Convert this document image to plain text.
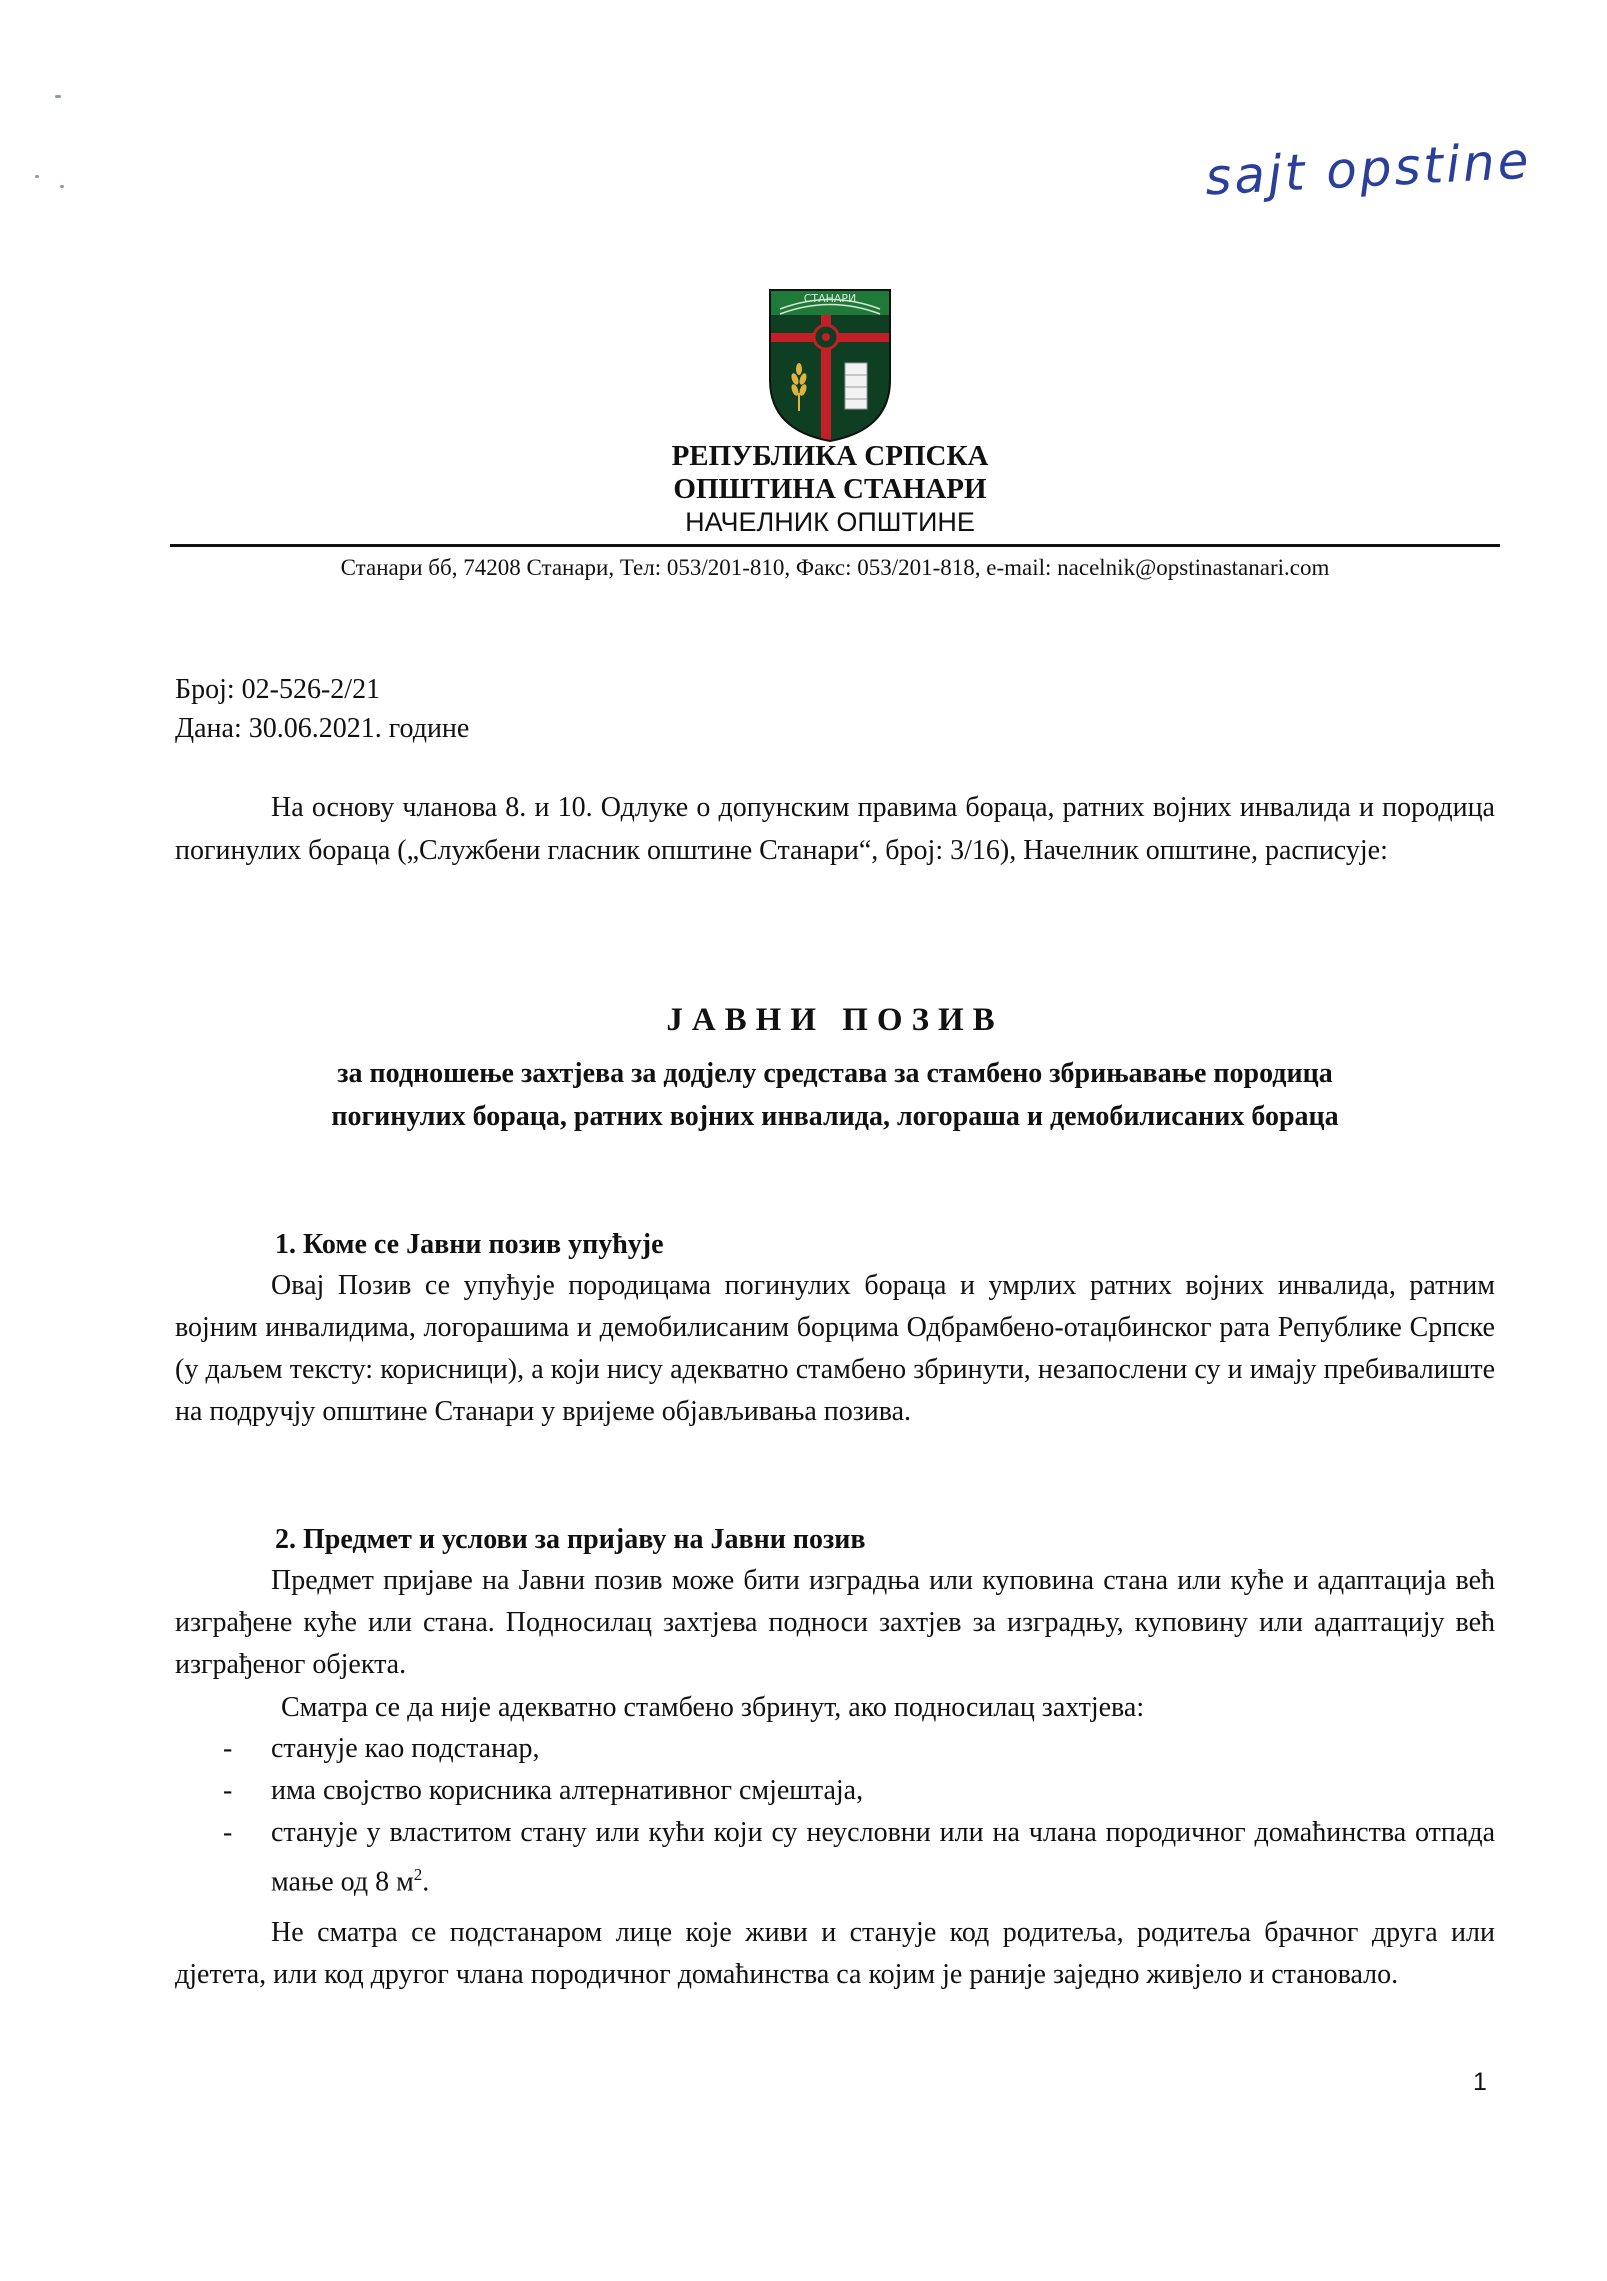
sajt opstine
СТАНАРИ
РЕПУБЛИКА СРПСКА
ОПШТИНА СТАНАРИ
НАЧЕЛНИК ОПШТИНЕ
Станари бб, 74208 Станари, Тел: 053/201-810, Факс: 053/201-818, e-mail: nacelnik@opstinastanari.com
Број: 02-526-2/21
Дана: 30.06.2021. године
На основу чланова 8. и 10. Одлуке о допунским правима бораца, ратних војних инвалида и породица погинулих бораца („Службени гласник општине Станари“, број: 3/16), Начелник општине, расписује:
ЈАВНИ ПОЗИВ
за подношење захтјева за додјелу средстава за стамбено збрињавање породица
погинулих бораца, ратних војних инвалида, логораша и демобилисаних бораца
1. Коме се Јавни позив упућује
Овај Позив се упућује породицама погинулих бораца и умрлих ратних војних инвалида, ратним војним инвалидима, логорашима и демобилисаним борцима Одбрамбено-отаџбинског рата Републике Српске (у даљем тексту: корисници), а који нису адекватно стамбено збринути, незапослени су и имају пребивалиште на подручју општине Станари у вријеме објављивања позива.
2. Предмет и услови за пријаву на Јавни позив
Предмет пријаве на Јавни позив може бити изградња или куповина стана или куће и адаптација већ изграђене куће или стана. Подносилац захтјева подноси захтјев за изградњу, куповину или адаптацију већ изграђеног објекта.
Сматра се да није адекватно стамбено збринут, ако подносилац захтјева:
- станује као подстанар,
- има својство корисника алтернативног смјештаја,
- станује у властитом стану или кући који су неусловни или на члана породичног домаћинства отпада мање од 8 $м^2$.
Не сматра се подстанаром лице које живи и станује код родитеља, родитеља брачног друга или дјетета, или код другог члана породичног домаћинства са којим је раније заједно живјело и становало.
1
